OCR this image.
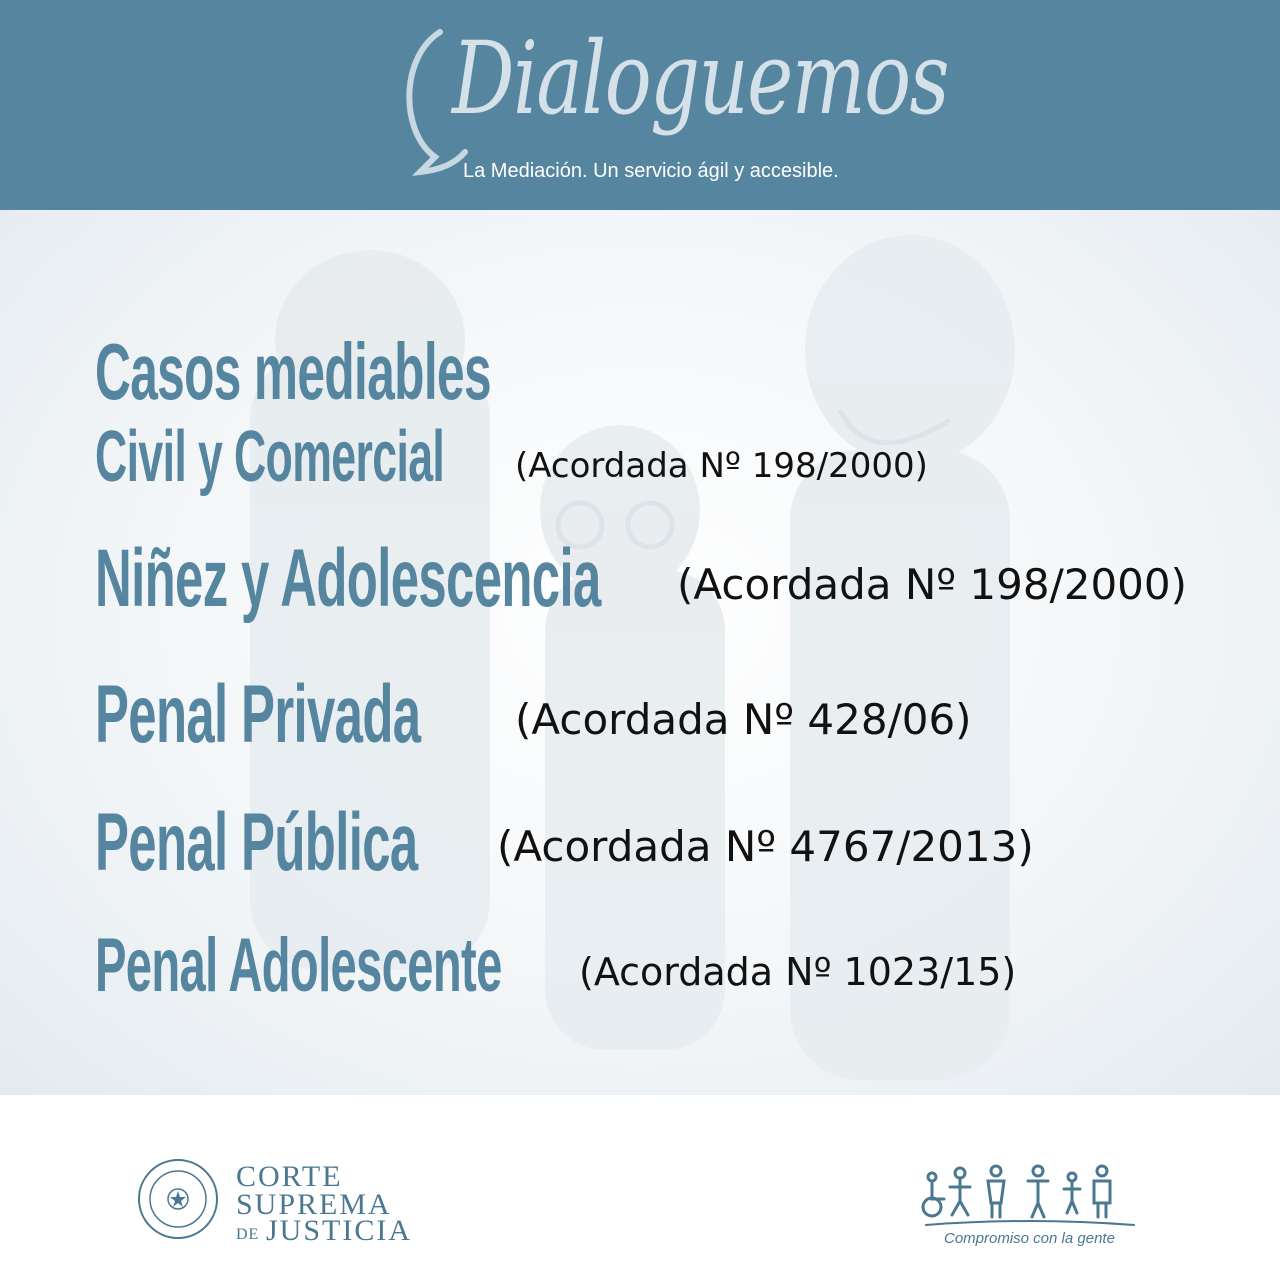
Dialoguemos
La Mediación. Un servicio ágil y accesible.
Casos mediables
Civil y Comercial	(Acordada Nº 198/2000)
Niñez y Adolescencia	(Acordada Nº 198/2000)
Penal Privada	(Acordada Nº 428/06)
Penal Pública	(Acordada Nº 4767/2013)
Penal Adolescente	(Acordada Nº 1023/15)
CORTE
SUPREMA
DE JUSTICIA	Compromiso con la gente
